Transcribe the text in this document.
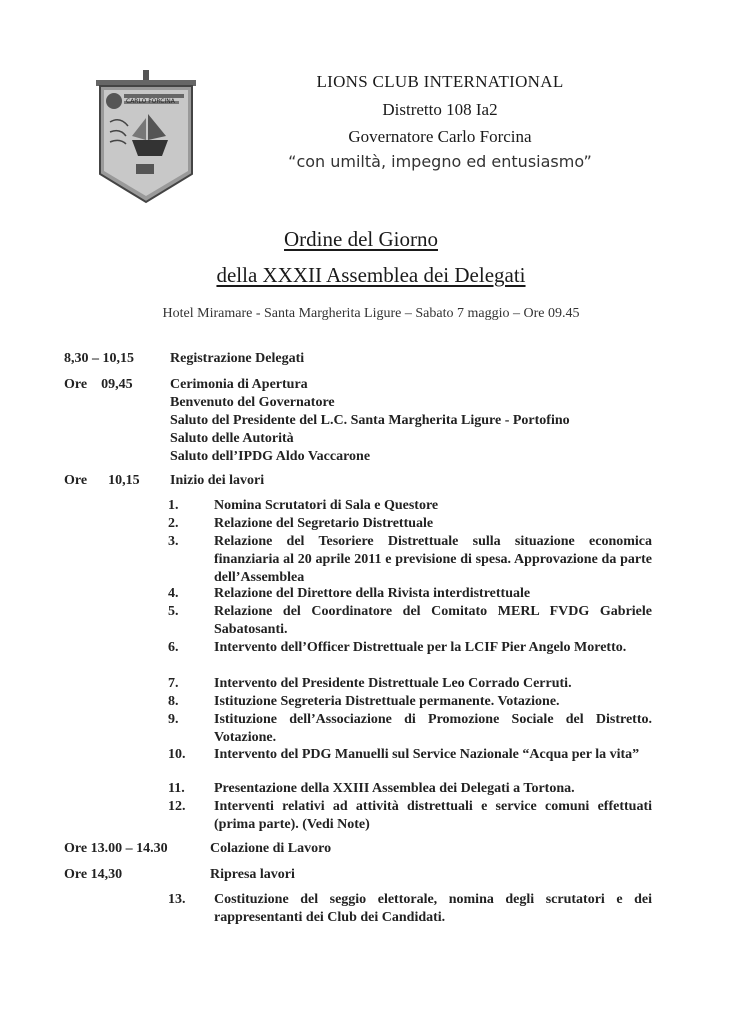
CARLO FORCINA
LIONS CLUB INTERNATIONAL
Distretto 108 Ia2
Governatore Carlo Forcina
“con umiltà, impegno ed entusiasmo”
Ordine del Giorno
della XXXII Assemblea dei Delegati
Hotel Miramare - Santa Margherita Ligure – Sabato 7 maggio – Ore 09.45
8,30 – 10,15	Registrazione Delegati
Ore    09,45	Cerimonia di Apertura
Benvenuto del Governatore
Saluto del Presidente del L.C. Santa Margherita Ligure - Portofino
Saluto delle Autorità
Saluto dell’IPDG Aldo Vaccarone
Ore      10,15	Inizio dei lavori
1.	Nomina Scrutatori di Sala e Questore
2.	Relazione del Segretario Distrettuale
3.	Relazione del Tesoriere Distrettuale sulla situazione economica finanziaria al 20 aprile 2011 e previsione di spesa. Approvazione da parte dell’Assemblea
4.	Relazione del Direttore della Rivista interdistrettuale
5.	Relazione del Coordinatore del Comitato MERL FVDG Gabriele Sabatosanti.
6.	Intervento dell’Officer Distrettuale per la LCIF Pier Angelo Moretto.
7.	Intervento del Presidente Distrettuale Leo Corrado Cerruti.
8.	Istituzione Segreteria Distrettuale permanente. Votazione.
9.	Istituzione dell’Associazione di Promozione Sociale del Distretto. Votazione.
10.	Intervento del PDG Manuelli sul Service Nazionale “Acqua per la vita”
11.	Presentazione della XXIII Assemblea dei Delegati a Tortona.
12.	Interventi relativi ad attività distrettuali e service comuni effettuati (prima parte). (Vedi Note)
Ore 13.00 – 14.30	Colazione di Lavoro
Ore 14,30	Ripresa lavori
13.	Costituzione del seggio elettorale, nomina degli scrutatori e dei rappresentanti dei Club dei Candidati.
